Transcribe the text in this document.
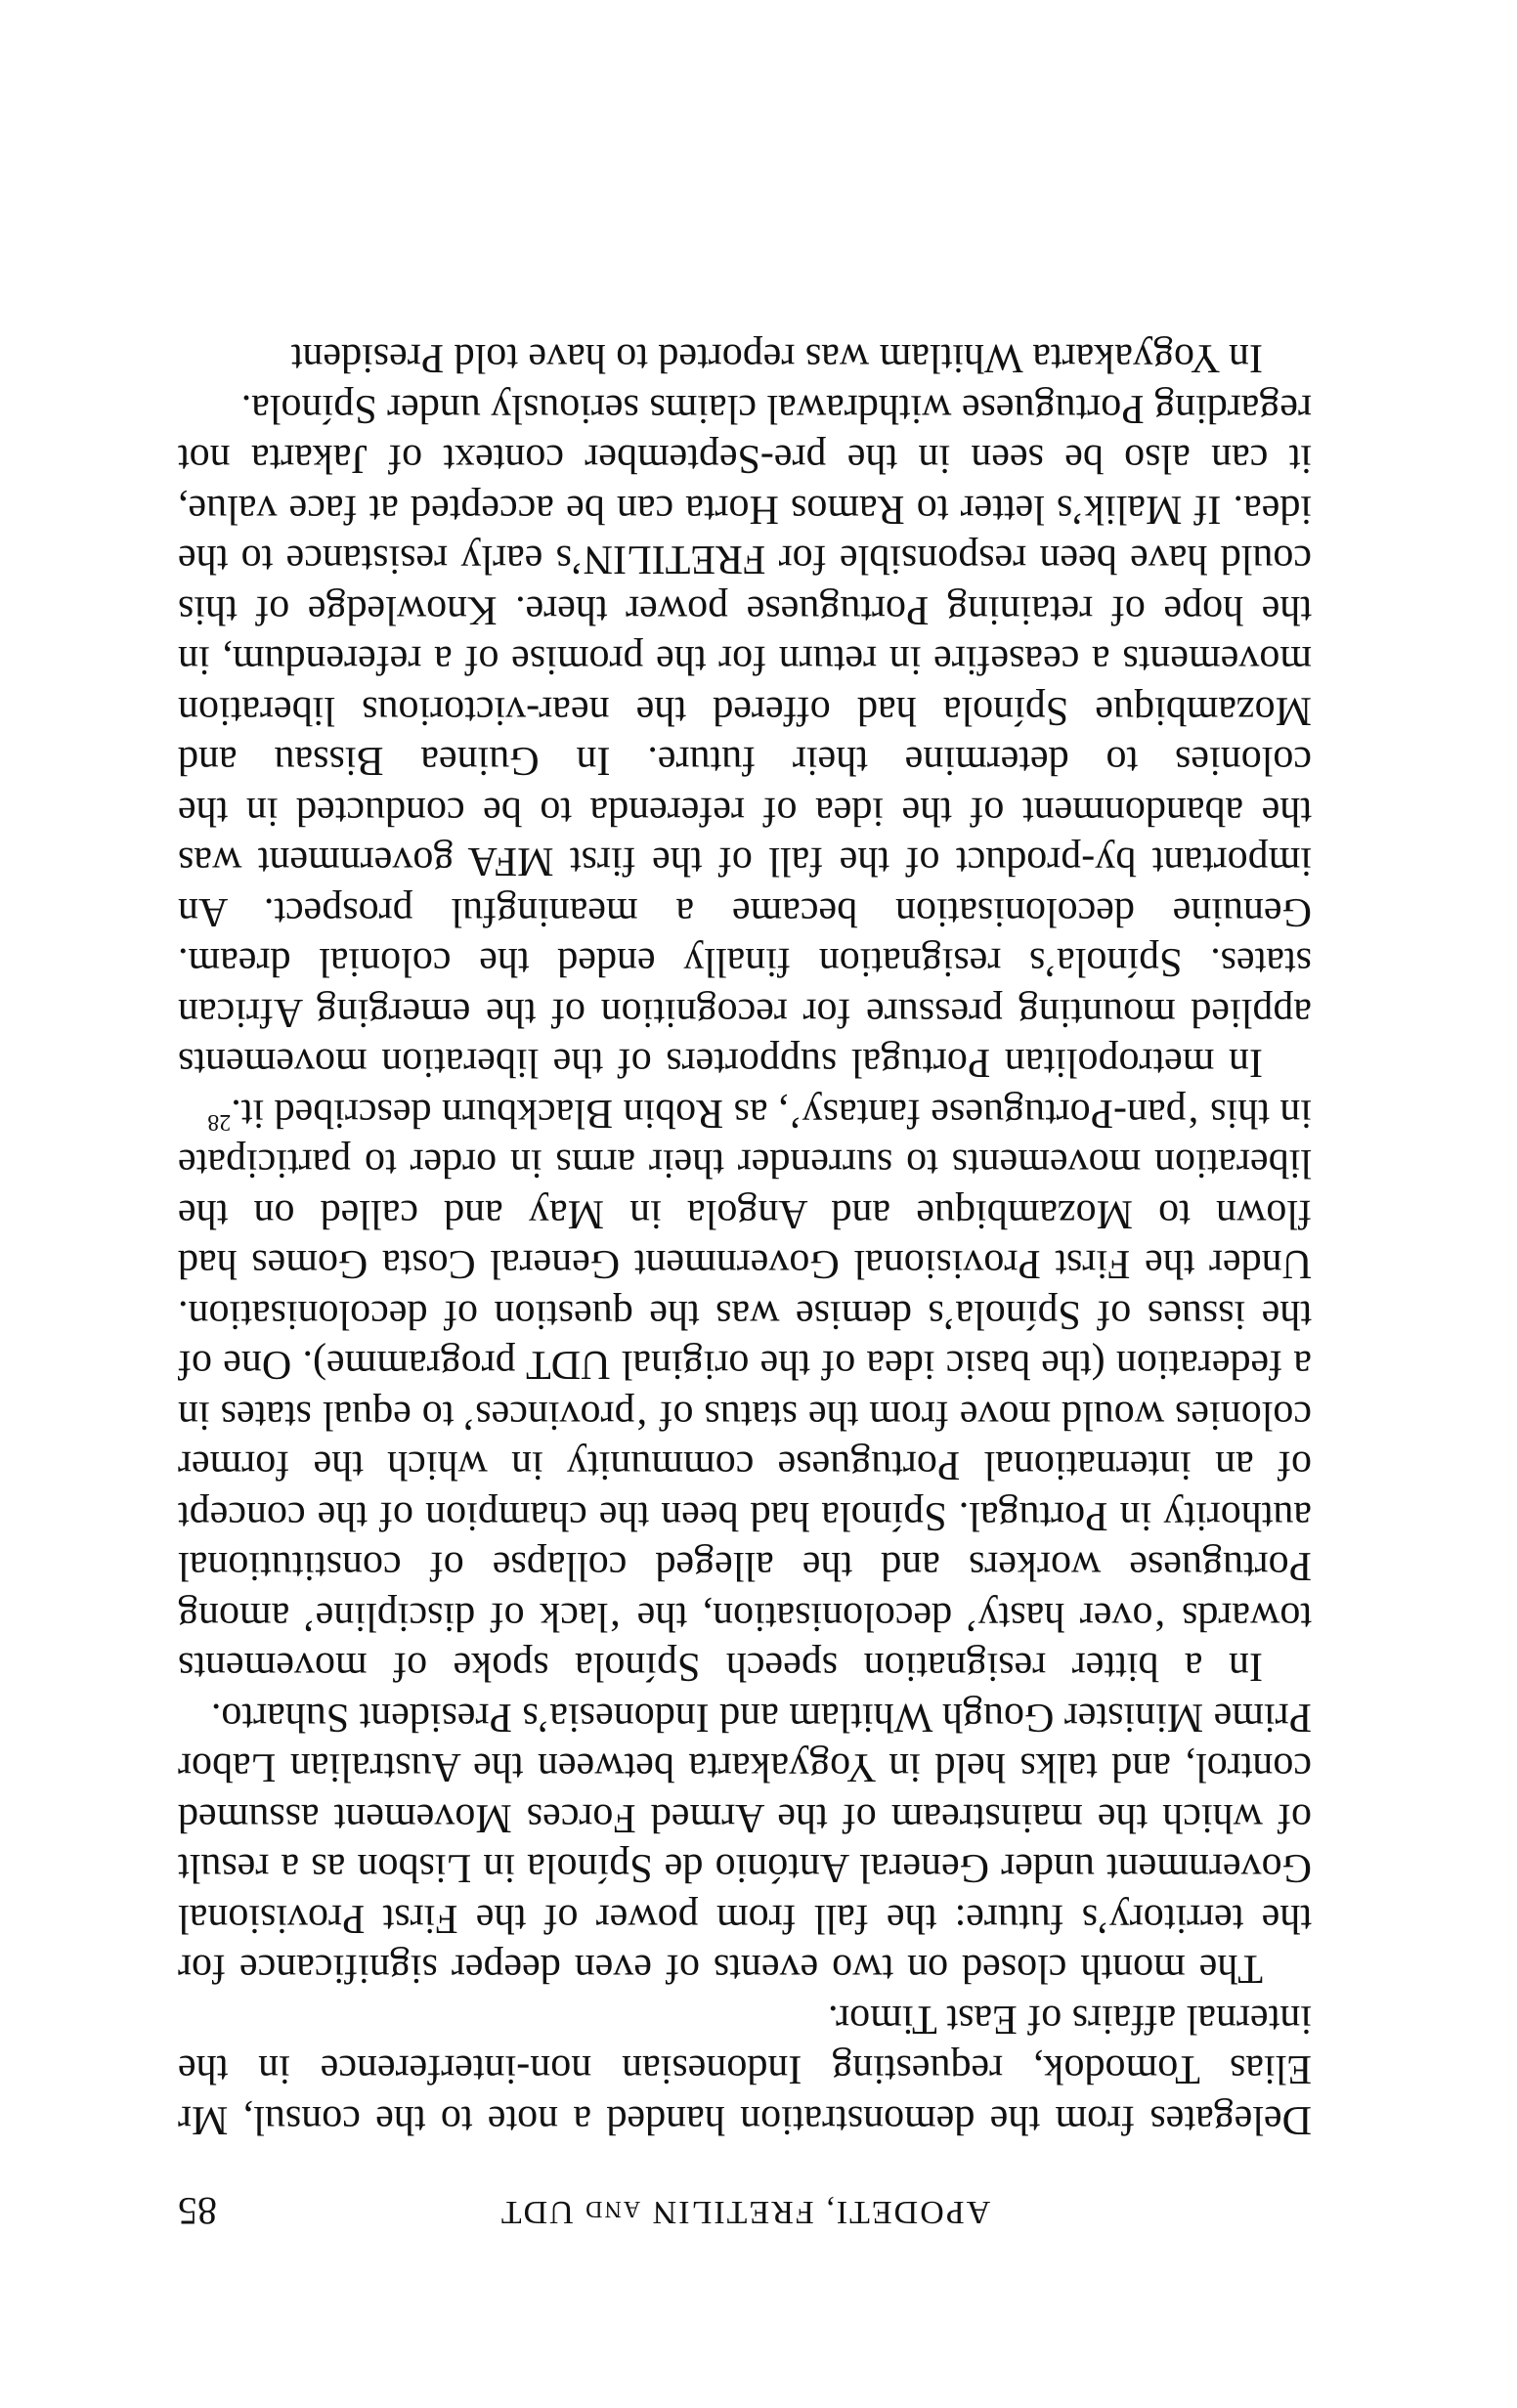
APODETI, FRETILIN and UDT
85

Delegates from the demonstration handed a note to the consul, Mr Elias Tomodok, requesting Indonesian non-interference in the internal affairs of East Timor.

The month closed on two events of even deeper significance for the territory’s future: the fall from power of the First Provisional Government under General António de Spínola in Lisbon as a result of which the mainstream of the Armed Forces Movement assumed control, and talks held in Yogyakarta between the Australian Labor Prime Minister Gough Whitlam and Indonesia’s President Suharto.

In a bitter resignation speech Spínola spoke of movements towards ‘over hasty’ decolonisation, the ‘lack of discipline’ among Portuguese workers and the alleged collapse of constitutional authority in Portugal. Spínola had been the champion of the concept of an international Portuguese community in which the former colonies would move from the status of ‘provinces’ to equal states in a federation (the basic idea of the original UDT programme). One of the issues of Spínola’s demise was the question of decolonisation. Under the First Provisional Government General Costa Gomes had flown to Mozambique and Angola in May and called on the liberation movements to surrender their arms in order to participate in this ‘pan-Portuguese fantasy’, as Robin Blackburn described it.$^{28}$

In metropolitan Portugal supporters of the liberation movements applied mounting pressure for recognition of the emerging African states. Spínola’s resignation finally ended the colonial dream. Genuine decolonisation became a meaningful prospect. An important by-product of the fall of the first MFA government was the abandonment of the idea of referenda to be conducted in the colonies to determine their future. In Guinea Bissau and Mozambique Spínola had offered the near-victorious liberation movements a ceasefire in return for the promise of a referendum, in the hope of retaining Portuguese power there. Knowledge of this could have been responsible for FRETILIN’s early resistance to the idea. If Malik’s letter to Ramos Horta can be accepted at face value, it can also be seen in the pre-September context of Jakarta not regarding Portuguese withdrawal claims seriously under Spínola.

In Yogyakarta Whitlam was reported to have told President
